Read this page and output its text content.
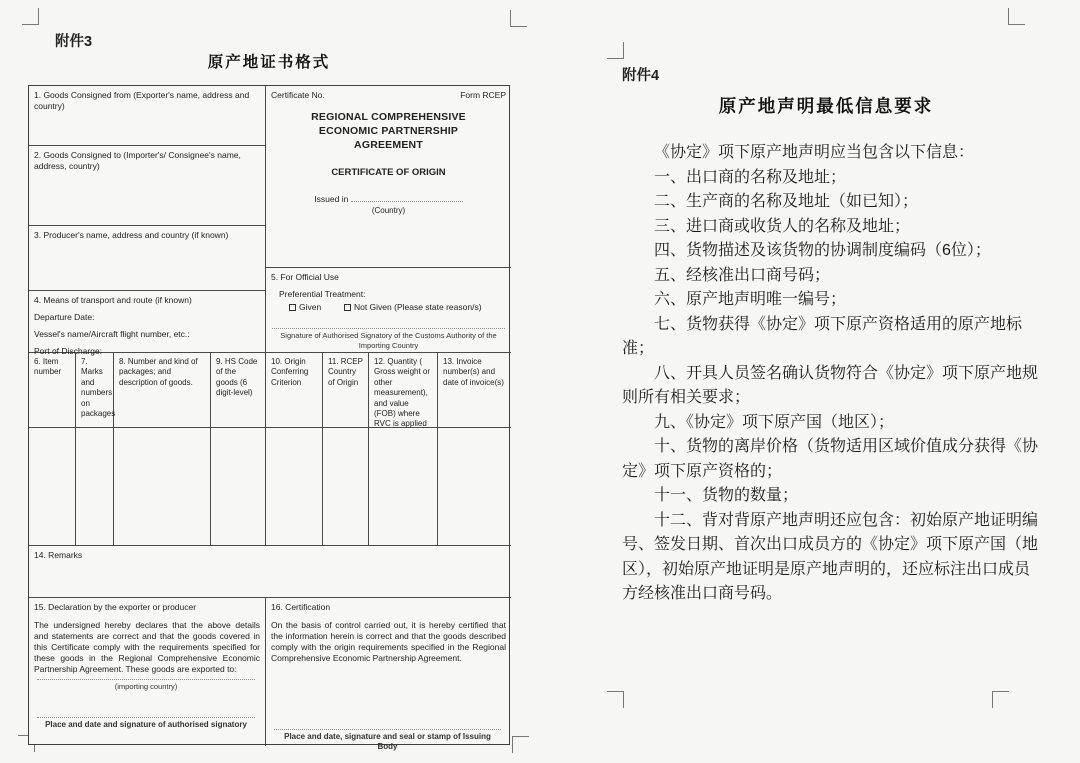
附件3
原产地证书格式
1. Goods Consigned from (Exporter's name, address and country)
2. Goods Consigned to (Importer's/ Consignee's name, address, country)
3. Producer's name, address and country (if known)
4. Means of transport and route (if known)
Departure Date:
Vessel's name/Aircraft flight number, etc.:
Port of Discharge:
Certificate No.	Form RCEP
REGIONAL COMPREHENSIVE ECONOMIC PARTNERSHIP AGREEMENT
CERTIFICATE OF ORIGIN
Issued in
(Country)
5. For Official Use
Preferential Treatment:
Given	Not Given (Please state reason/s)
Signature of Authorised Signatory of the Customs Authority of the Importing Country
6. Item number
7. Marks and numbers on packages
8. Number and kind of packages; and description of goods.
9. HS Code of the goods (6 digit-level)
10. Origin Conferring Criterion
11. RCEP Country of Origin
12. Quantity ( Gross weight or other measurement), and value (FOB) where RVC is applied
13. Invoice number(s) and date of invoice(s)
14. Remarks
15. Declaration by the exporter or producer
The undersigned hereby declares that the above details and statements are correct and that the goods covered in this Certificate comply with the requirements specified for these goods in the Regional Comprehensive Economic Partnership Agreement. These goods are exported to:
(importing country)
Place and date and signature of authorised signatory
16. Certification
On the basis of control carried out, it is hereby certified that the information herein is correct and that the goods described comply with the origin requirements specified in the Regional Comprehensive Economic Partnership Agreement.
Place and date, signature and seal or stamp of Issuing Body
附件4
原产地声明最低信息要求

《协定》项下原产地声明应当包含以下信息：

一、出口商的名称及地址；

二、生产商的名称及地址（如已知）；

三、进口商或收货人的名称及地址；

四、货物描述及该货物的协调制度编码（6位）；

五、经核准出口商号码；

六、原产地声明唯一编号；

七、货物获得《协定》项下原产资格适用的原产地标准；

八、开具人员签名确认货物符合《协定》项下原产地规则所有相关要求；

九、《协定》项下原产国（地区）；

十、货物的离岸价格（货物适用区域价值成分获得《协定》项下原产资格的；

十一、货物的数量；

十二、背对背原产地声明还应包含：初始原产地证明编号、签发日期、首次出口成员方的《协定》项下原产国（地区），初始原产地证明是原产地声明的，还应标注出口成员方经核准出口商号码。
